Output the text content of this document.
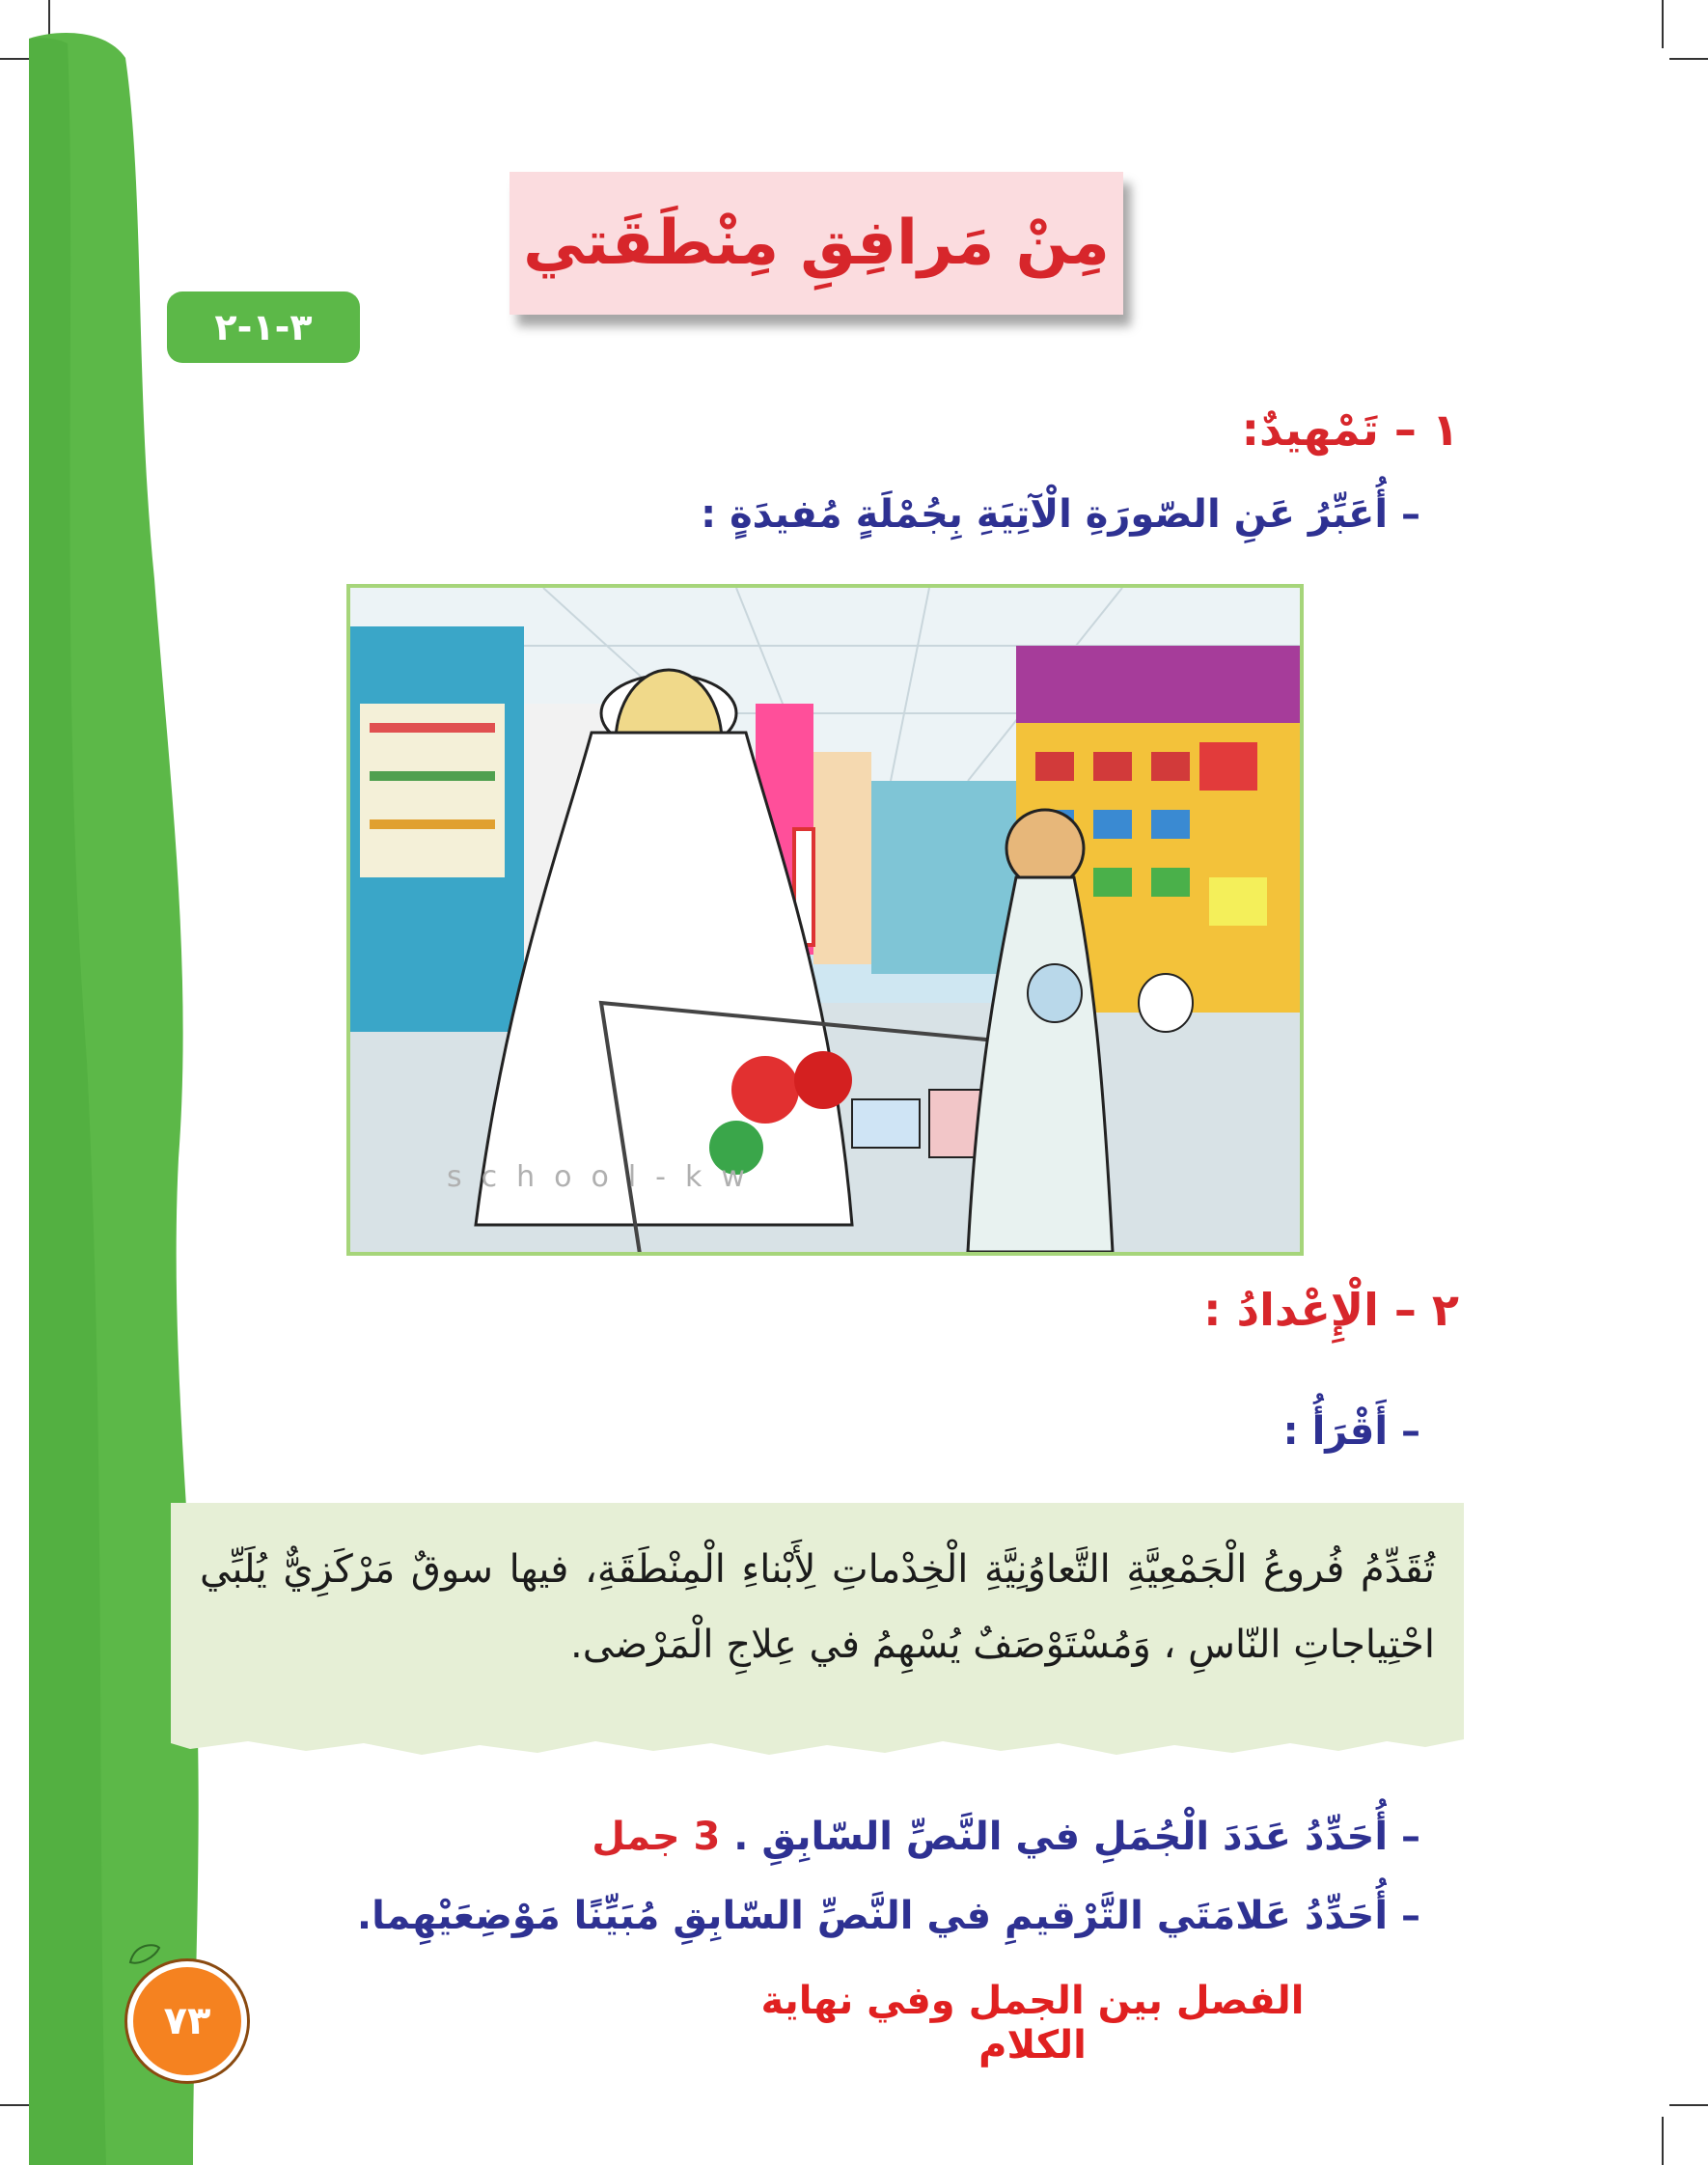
مِنْ مَرافِقِ مِنْطَقَتي
٣-١-٢
١ – تَمْهيدٌ:
– أُعَبِّرُ عَنِ الصّورَةِ الْآتِيَةِ بِجُمْلَةٍ مُفيدَةٍ :
school-kw
٢ – الْإِعْدادُ :
– أَقْرَأُ :
تُقَدِّمُ فُروعُ الْجَمْعِيَّةِ التَّعاوُنِيَّةِ الْخِدْماتِ لِأَبْناءِ الْمِنْطَقَةِ، فيها سوقٌ مَرْكَزِيٌّ يُلَبِّي احْتِياجاتِ النّاسِ ، وَمُسْتَوْصَفٌ يُسْهِمُ في عِلاجِ الْمَرْضى.
– أُحَدِّدُ عَدَدَ الْجُمَلِ في النَّصِّ السّابِقِ . 3 جمل
– أُحَدِّدُ عَلامَتَي التَّرْقيمِ في النَّصِّ السّابِقِ مُبَيِّنًا مَوْضِعَيْهِما.
٧٣	الفصل بين الجمل وفي نهاية الكلام
